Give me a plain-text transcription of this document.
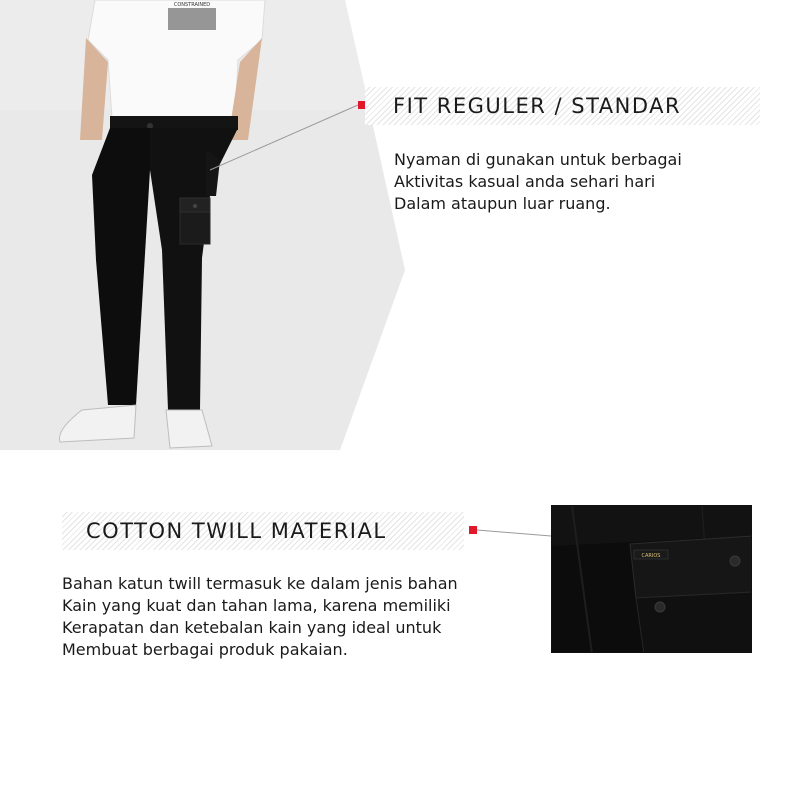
CONSTRAINED
FIT REGULER / STANDAR
Nyaman di gunakan untuk berbagai
Aktivitas kasual anda sehari hari
Dalam ataupun luar ruang.
COTTON TWILL MATERIAL
Bahan katun twill termasuk ke dalam jenis bahan
Kain yang kuat dan tahan lama, karena memiliki
Kerapatan dan ketebalan kain yang ideal untuk
Membuat berbagai produk pakaian.
CARIOS
